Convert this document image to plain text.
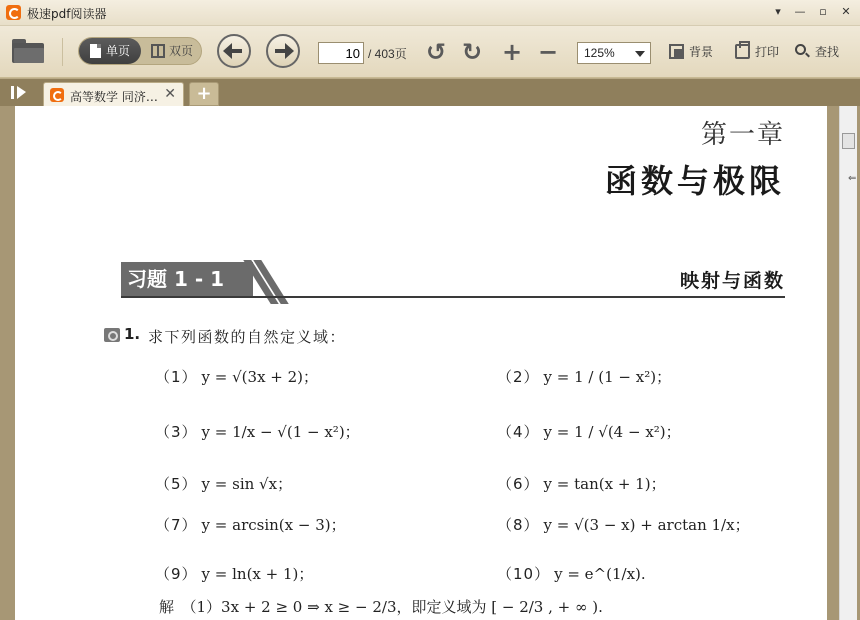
极速pdf阅读器	▾	—	▫	✕
单页	双页
10	/ 403页 ↺ ↻ + −	125%	背景	打印	查找
高等数学 同济… ✕	+
第一章
函数与极限
习题 1 - 1	映射与函数
1. 求下列函数的自然定义域：
（1） y = √(3x + 2)；	（2） y = 1 / (1 − x²)；
（3） y = 1/x − √(1 − x²)；	（4） y = 1 / √(4 − x²)；
（5） y = sin √x；	（6） y = tan(x + 1)；
（7） y = arcsin(x − 3)；	（8） y = √(3 − x) + arctan 1/x；
（9） y = ln(x + 1)；	（10） y = e^(1/x).
解　（1）3x + 2 ≥ 0 ⇒ x ≥ − 2/3，即定义域为 [ − 2/3 , + ∞ ).
⇐
